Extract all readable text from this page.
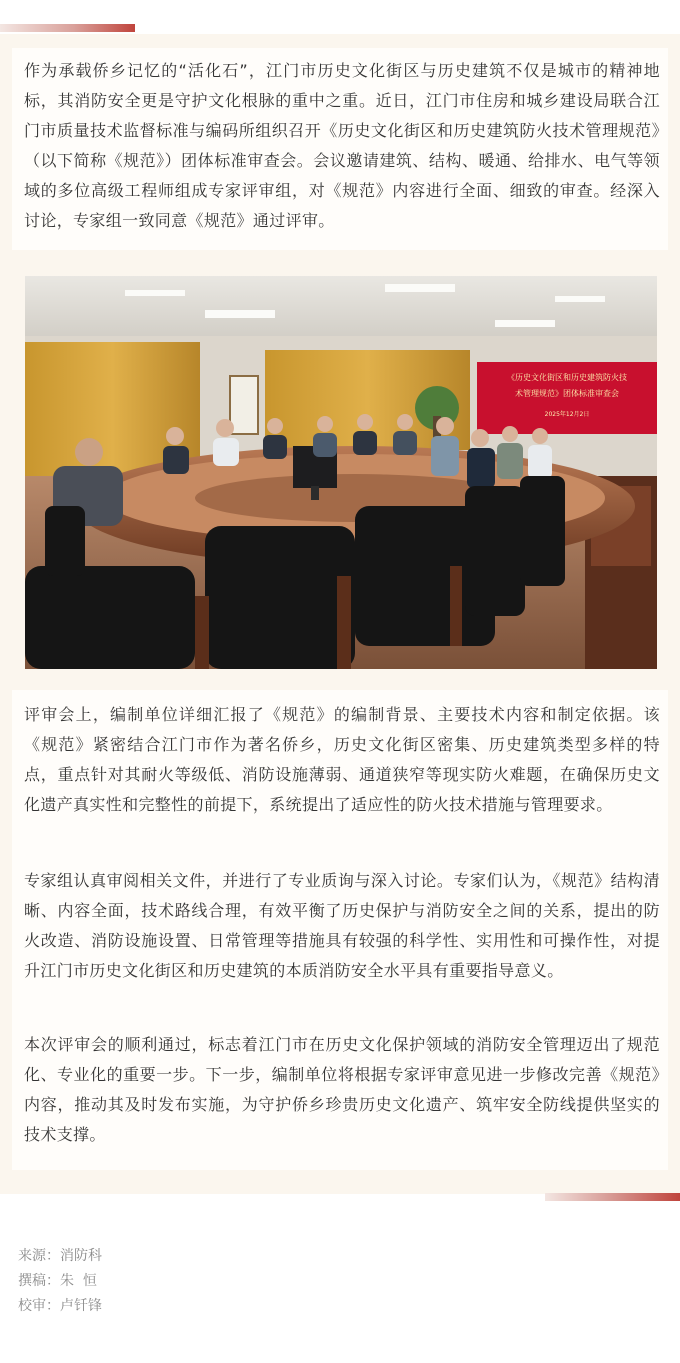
作为承载侨乡记忆的“活化石”，江门市历史文化街区与历史建筑不仅是城市的精神地标，其消防安全更是守护文化根脉的重中之重。近日，江门市住房和城乡建设局联合江门市质量技术监督标准与编码所组织召开《历史文化街区和历史建筑防火技术管理规范》（以下简称《规范》）团体标准审查会。会议邀请建筑、结构、暖通、给排水、电气等领域的多位高级工程师组成专家评审组，对《规范》内容进行全面、细致的审查。经深入讨论，专家组一致同意《规范》通过评审。

《历史文化街区和历史建筑防火技
术管理规范》团体标准审查会
2025年12月2日

评审会上，编制单位详细汇报了《规范》的编制背景、主要技术内容和制定依据。该《规范》紧密结合江门市作为著名侨乡，历史文化街区密集、历史建筑类型多样的特点，重点针对其耐火等级低、消防设施薄弱、通道狭窄等现实防火难题，在确保历史文化遗产真实性和完整性的前提下，系统提出了适应性的防火技术措施与管理要求。

专家组认真审阅相关文件，并进行了专业质询与深入讨论。专家们认为，《规范》结构清晰、内容全面，技术路线合理，有效平衡了历史保护与消防安全之间的关系，提出的防火改造、消防设施设置、日常管理等措施具有较强的科学性、实用性和可操作性，对提升江门市历史文化街区和历史建筑的本质消防安全水平具有重要指导意义。

本次评审会的顺利通过，标志着江门市在历史文化保护领域的消防安全管理迈出了规范化、专业化的重要一步。下一步，编制单位将根据专家评审意见进一步修改完善《规范》内容，推动其及时发布实施，为守护侨乡珍贵历史文化遗产、筑牢安全防线提供坚实的技术支撑。

来源：消防科
撰稿：朱  恒
校审：卢钎锋
